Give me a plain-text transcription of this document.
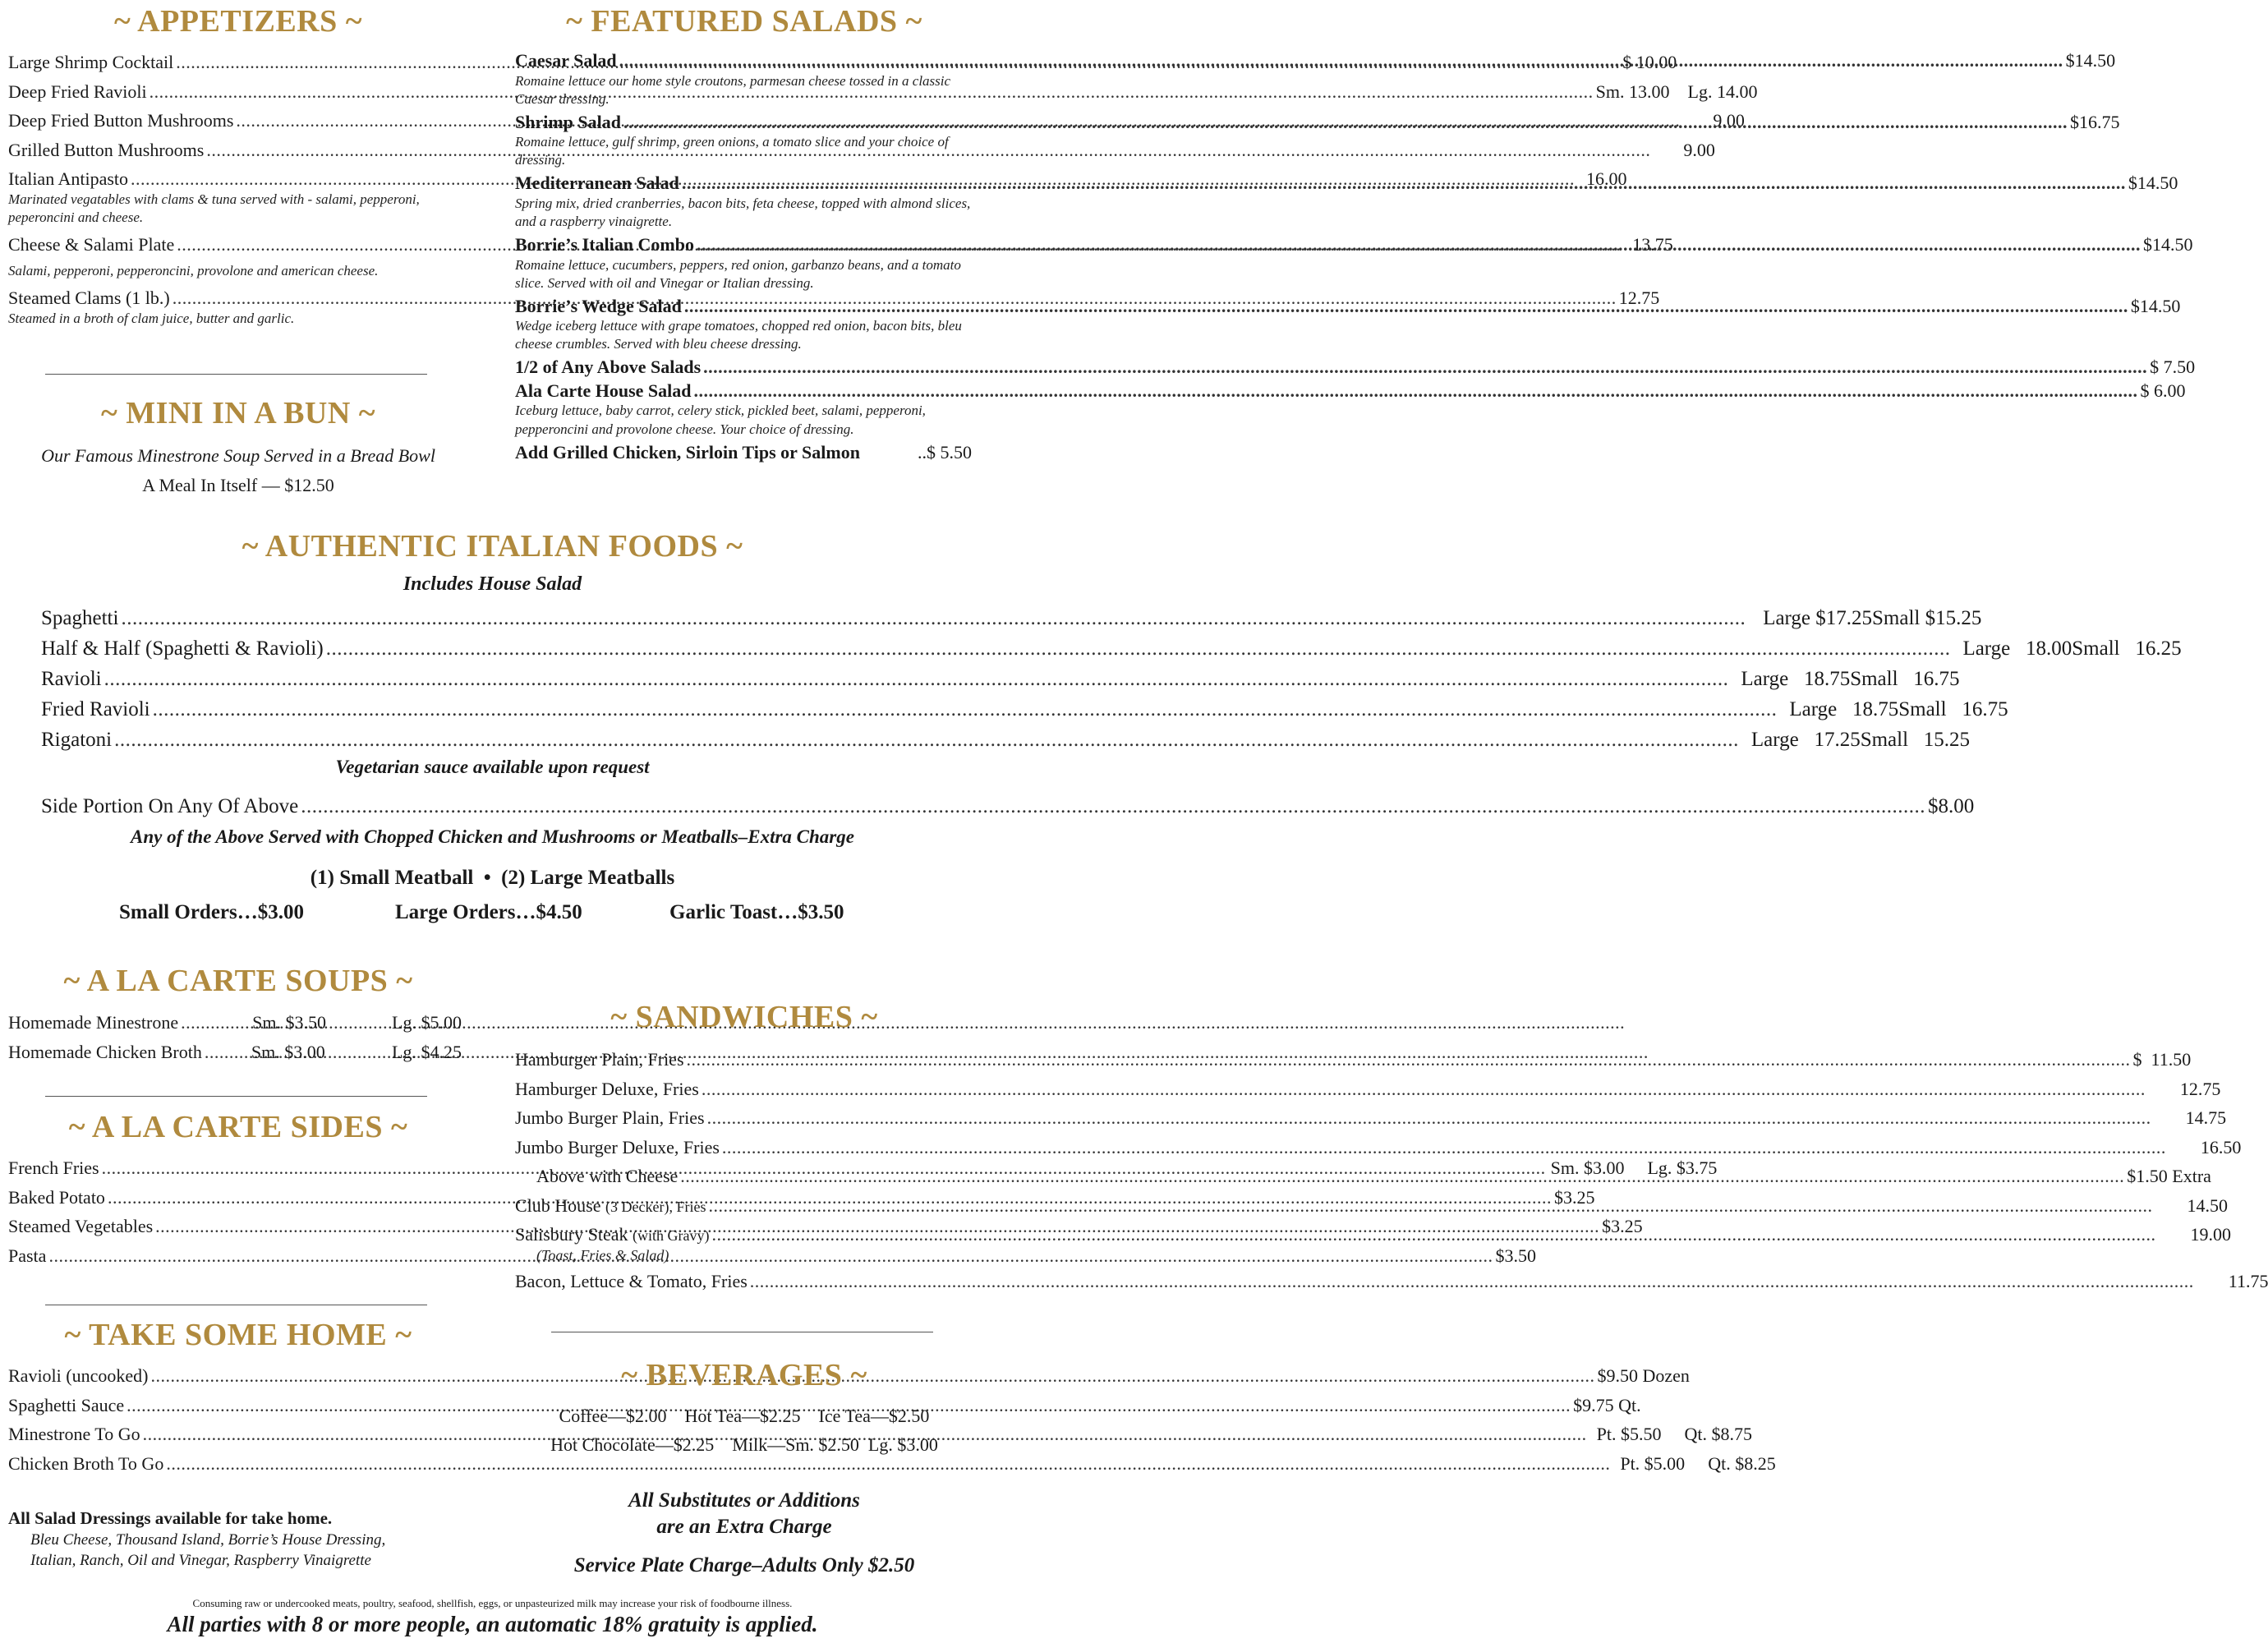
~ APPETIZERS ~
Large Shrimp Cocktail .....	$ 10.00
Deep Fried Ravioli .....	Sm. 13.00 Lg. 14.00
Deep Fried Button Mushrooms .....	9.00
Grilled Button Mushrooms .....	9.00
Italian Antipasto .....	16.00
Marinated vegatables with clams & tuna served with - salami, pepperoni, peperoncini and cheese.
Cheese & Salami Plate .....	13.75
Salami, pepperoni, pepperoncini, provolone and american cheese.
Steamed Clams (1 lb.) .....	12.75
Steamed in a broth of clam juice, butter and garlic.
~ MINI IN A BUN ~
Our Famous Minestrone Soup Served in a Bread Bowl
A Meal In Itself — $12.50
~ FEATURED SALADS ~
Caesar Salad .....	$14.50
Romaine lettuce our home style croutons, parmesan cheese tossed in a classic Caesar dressing.
Shrimp Salad .....	$16.75
Romaine lettuce, gulf shrimp, green onions, a tomato slice and your choice of dressing.
Mediterranean Salad .....	$14.50
Spring mix, dried cranberries, bacon bits, feta cheese, topped with almond slices, and a raspberry vinaigrette.
Borrie’s Italian Combo .....	$14.50
Romaine lettuce, cucumbers, peppers, red onion, garbanzo beans, and a tomato slice. Served with oil and Vinegar or Italian dressing.
Borrie’s Wedge Salad .....	$14.50
Wedge iceberg lettuce with grape tomatoes, chopped red onion, bacon bits, bleu cheese crumbles. Served with bleu cheese dressing.
1/2 of Any Above Salads .....	$ 7.50
Ala Carte House Salad .....	$ 6.00
Iceburg lettuce, baby carrot, celery stick, pickled beet, salami, pepperoni, pepperoncini and provolone cheese. Your choice of dressing.
Add Grilled Chicken, Sirloin Tips or Salmon	..$ 5.50
~ AUTHENTIC ITALIAN FOODS ~
Includes House Salad
Spaghetti .....	Large $17.25 Small $15.25
Half & Half (Spaghetti & Ravioli) .....	Large   18.00 Small   16.25
Ravioli .....	Large   18.75 Small   16.75
Fried Ravioli .....	Large   18.75 Small   16.75
Rigatoni .....	Large   17.25 Small   15.25
Vegetarian sauce available upon request
Side Portion On Any Of Above .....	$8.00
Any of the Above Served with Chopped Chicken and Mushrooms or Meatballs–Extra Charge
(1) Small Meatball  •  (2) Large Meatballs
Small Orders…$3.00	Large Orders…$4.50	Garlic Toast…$3.50
~ A LA CARTE SOUPS ~
Homemade Minestrone .....	Sm. $3.50	Lg. $5.00
Homemade Chicken Broth .....	Sm. $3.00	Lg. $4.25
~ A LA CARTE SIDES ~
French Fries .....	Sm. $3.00 Lg. $3.75
Baked Potato .....	$3.25
Steamed Vegetables .....	$3.25
Pasta .....	$3.50
~ TAKE SOME HOME ~
Ravioli (uncooked) .....	$9.50 Dozen
Spaghetti Sauce .....	$9.75 Qt.
Minestrone To Go .....	Pt. $5.50 Qt. $8.75
Chicken Broth To Go .....	Pt. $5.00 Qt. $8.25
All Salad Dressings available for take home.
Bleu Cheese, Thousand Island, Borrie’s House Dressing,
Italian, Ranch, Oil and Vinegar, Raspberry Vinaigrette
~ SANDWICHES ~
Hamburger Plain, Fries .....	$  11.50
Hamburger Deluxe, Fries .....	12.75
Jumbo Burger Plain, Fries .....	14.75
Jumbo Burger Deluxe, Fries .....	16.50
Above with Cheese .....	$1.50 Extra
Club House
(3 Decker), Fries .....	14.50
Salisbury Steak
(with Gravy) .....	19.00
(Toast, Fries & Salad)
Bacon, Lettuce & Tomato, Fries .....	11.75
~ BEVERAGES ~
Coffee—$2.00    Hot Tea—$2.25    Ice Tea—$2.50
Hot Chocolate—$2.25    Milk—Sm. $2.50  Lg. $3.00
All Substitutes or Additions
are an Extra Charge
Service Plate Charge–Adults Only $2.50
Consuming raw or undercooked meats, poultry, seafood, shellfish, eggs, or unpasteurized milk may increase your risk of foodbourne illness.
All parties with 8 or more people, an automatic 18% gratuity is applied.
